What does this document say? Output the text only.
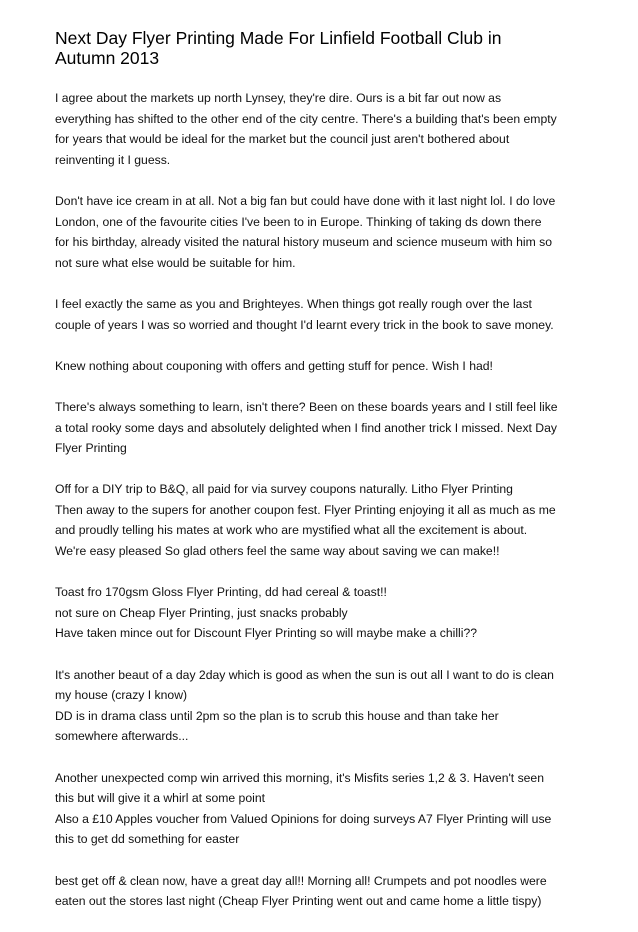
Next Day Flyer Printing Made For Linfield Football Club in
Autumn 2013

I agree about the markets up north Lynsey, they're dire. Ours is a bit far out now as
everything has shifted to the other end of the city centre. There's a building that's been empty
for years that would be ideal for the market but the council just aren't bothered about
reinventing it I guess.

Don't have ice cream in at all. Not a big fan but could have done with it last night lol. I do love
London, one of the favourite cities I've been to in Europe. Thinking of taking ds down there
for his birthday, already visited the natural history museum and science museum with him so
not sure what else would be suitable for him.

I feel exactly the same as you and Brighteyes. When things got really rough over the last
couple of years I was so worried and thought I'd learnt every trick in the book to save money.

Knew nothing about couponing with offers and getting stuff for pence. Wish I had!

There's always something to learn, isn't there? Been on these boards years and I still feel like
a total rooky some days and absolutely delighted when I find another trick I missed. Next Day
Flyer Printing

Off for a DIY trip to B&Q, all paid for via survey coupons naturally. Litho Flyer Printing
Then away to the supers for another coupon fest. Flyer Printing enjoying it all as much as me
and proudly telling his mates at work who are mystified what all the excitement is about.
We're easy pleased So glad others feel the same way about saving we can make!!

Toast fro 170gsm Gloss Flyer Printing, dd had cereal & toast!!
not sure on Cheap Flyer Printing, just snacks probably
Have taken mince out for Discount Flyer Printing so will maybe make a chilli??

It's another beaut of a day 2day which is good as when the sun is out all I want to do is clean
my house (crazy I know)
DD is in drama class until 2pm so the plan is to scrub this house and than take her
somewhere afterwards...

Another unexpected comp win arrived this morning, it's Misfits series 1,2 & 3. Haven't seen
this but will give it a whirl at some point
Also a £10 Apples voucher from Valued Opinions for doing surveys A7 Flyer Printing will use
this to get dd something for easter

best get off & clean now, have a great day all!! Morning all! Crumpets and pot noodles were
eaten out the stores last night (Cheap Flyer Printing went out and came home a little tispy)
